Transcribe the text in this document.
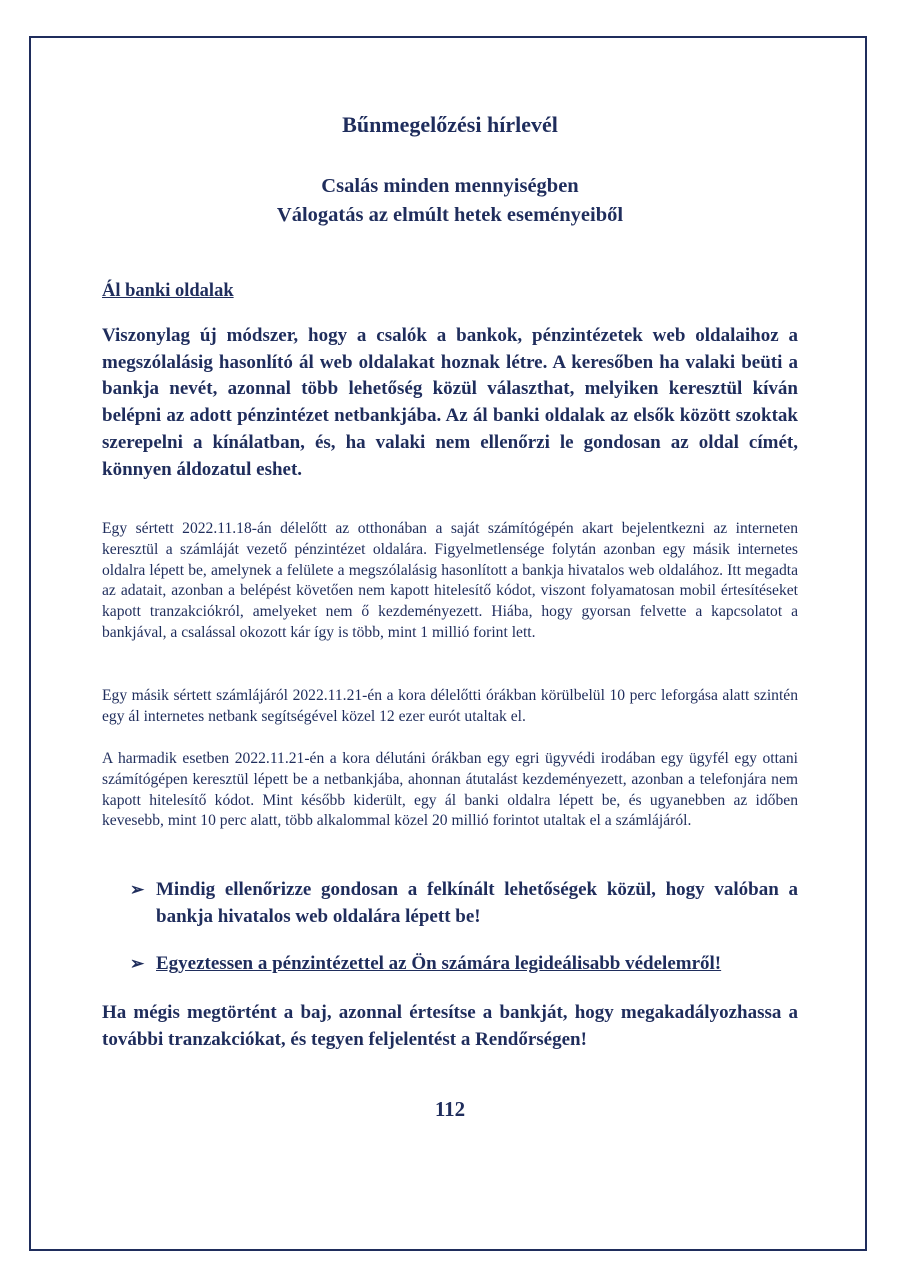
Bűnmegelőzési hírlevél
Csalás minden mennyiségben
Válogatás az elmúlt hetek eseményeiből
Ál banki oldalak

Viszonylag új módszer, hogy a csalók a bankok, pénzintézetek web oldalaihoz a megszólalásig hasonlító ál web oldalakat hoznak létre. A keresőben ha valaki beüti a bankja nevét, azonnal több lehetőség közül választhat, melyiken keresztül kíván belépni az adott pénzintézet netbankjába. Az ál banki oldalak az elsők között szoktak szerepelni a kínálatban, és, ha valaki nem ellenőrzi le gondosan az oldal címét, könnyen áldozatul eshet.

Egy sértett 2022.11.18-án délelőtt az otthonában a saját számítógépén akart bejelentkezni az interneten keresztül a számláját vezető pénzintézet oldalára. Figyelmetlensége folytán azonban egy másik internetes oldalra lépett be, amelynek a felülete a megszólalásig hasonlított a bankja hivatalos web oldalához. Itt megadta az adatait, azonban a belépést követően nem kapott hitelesítő kódot, viszont folyamatosan mobil értesítéseket kapott tranzakciókról, amelyeket nem ő kezdeményezett. Hiába, hogy gyorsan felvette a kapcsolatot a bankjával, a csalással okozott kár így is több, mint 1 millió forint lett.

Egy másik sértett számlájáról 2022.11.21-én a kora délelőtti órákban körülbelül 10 perc leforgása alatt szintén egy ál internetes netbank segítségével közel 12 ezer eurót utaltak el.

A harmadik esetben 2022.11.21-én a kora délutáni órákban egy egri ügyvédi irodában egy ügyfél egy ottani számítógépen keresztül lépett be a netbankjába, ahonnan átutalást kezdeményezett, azonban a telefonjára nem kapott hitelesítő kódot. Mint később kiderült, egy ál banki oldalra lépett be, és ugyanebben az időben kevesebb, mint 10 perc alatt, több alkalommal közel 20 millió forintot utaltak el a számlájáról.

➢ Mindig ellenőrizze gondosan a felkínált lehetőségek közül, hogy valóban a bankja hivatalos web oldalára lépett be!
➢ Egyeztessen a pénzintézettel az Ön számára legideálisabb védelemről!

Ha mégis megtörtént a baj, azonnal értesítse a bankját, hogy megakadályozhassa a további tranzakciókat, és tegyen feljelentést a Rendőrségen!

112
